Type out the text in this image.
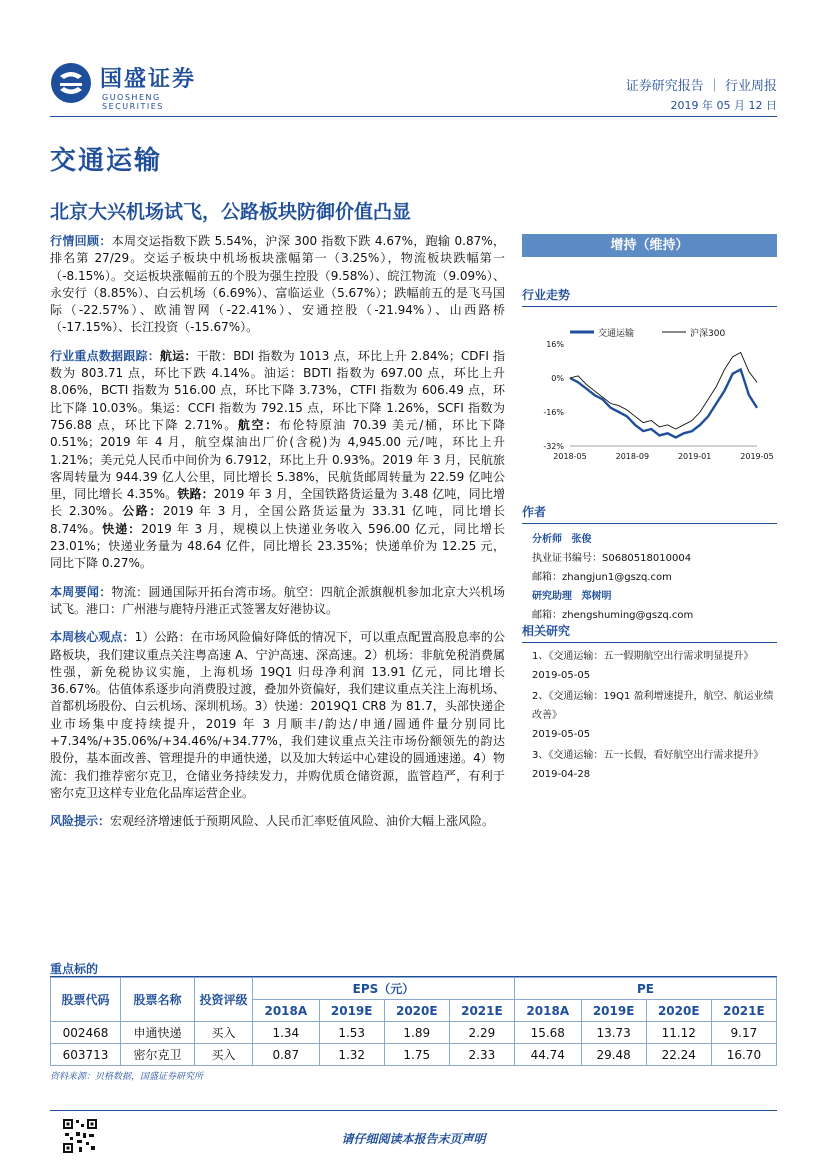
国盛证券
GUOSHENG SECURITIES
证券研究报告 ｜ 行业周报
2019 年 05 月 12 日
交通运输
北京大兴机场试飞，公路板块防御价值凸显

行情回顾：本周交运指数下跌 5.54%，沪深 300 指数下跌 4.67%，跑输 0.87%，排名第 27/29。交运子板块中机场板块涨幅第一（3.25%），物流板块跌幅第一（-8.15%）。交运板块涨幅前五的个股为强生控股（9.58%）、皖江物流（9.09%）、永安行（8.85%）、白云机场（6.69%）、富临运业（5.67%）；跌幅前五的是飞马国际（-22.57%）、欧浦智网（-22.41%）、安通控股（-21.94%）、山西路桥（-17.15%）、长江投资（-15.67%）。

行业重点数据跟踪：航运：干散：BDI 指数为 1013 点，环比上升 2.84%；CDFI 指数为 803.71 点，环比下跌 4.14%。油运：BDTI 指数为 697.00 点，环比上升 8.06%，BCTI 指数为 516.00 点，环比下降 3.73%，CTFI 指数为 606.49 点，环比下降 10.03%。集运：CCFI 指数为 792.15 点，环比下降 1.26%，SCFI 指数为 756.88 点，环比下降 2.71%。航空：布伦特原油 70.39 美元/桶，环比下降 0.51%；2019 年 4 月，航空煤油出厂价(含税)为 4,945.00 元/吨，环比上升 1.21%；美元兑人民币中间价为 6.7912，环比上升 0.93%。2019 年 3 月，民航旅客周转量为 944.39 亿人公里，同比增长 5.38%，民航货邮周转量为 22.59 亿吨公里，同比增长 4.35%。铁路：2019 年 3 月，全国铁路货运量为 3.48 亿吨，同比增长 2.30%。公路：2019 年 3 月，全国公路货运量为 33.31 亿吨，同比增长 8.74%。快递：2019 年 3 月，规模以上快递业务收入 596.00 亿元，同比增长 23.01%；快递业务量为 48.64 亿件，同比增长 23.35%；快递单价为 12.25 元，同比下降 0.27%。

本周要闻：物流：圆通国际开拓台湾市场。航空：四航企派旗舰机参加北京大兴机场试飞。港口：广州港与鹿特丹港正式签署友好港协议。

本周核心观点：1）公路：在市场风险偏好降低的情况下，可以重点配置高股息率的公路板块，我们建议重点关注粤高速 A、宁沪高速、深高速。2）机场：非航免税消费属性强，新免税协议实施，上海机场 19Q1 归母净利润 13.91 亿元，同比增长 36.67%。估值体系逐步向消费股过渡，叠加外资偏好，我们建议重点关注上海机场、首都机场股份、白云机场、深圳机场。3）快递：2019Q1 CR8 为 81.7，头部快递企业市场集中度持续提升，2019 年 3 月顺丰/韵达/申通/圆通件量分别同比+7.34%/+35.06%/+34.46%/+34.77%，我们建议重点关注市场份额领先的韵达股份，基本面改善、管理提升的申通快递，以及加大转运中心建设的圆通速递。4）物流：我们推荐密尔克卫，仓储业务持续发力，并购优质仓储资源，监管趋严，有利于密尔克卫这样专业危化品库运营企业。

风险提示：宏观经济增速低于预期风险、人民币汇率贬值风险、油价大幅上涨风险。

增持（维持）
行业走势
交通运输	沪深300
16%
0%
-16%
-32%
2018-05	2018-09	2019-01	2019-05
作者
分析师 张俊
执业证书编号：S0680518010004
邮箱：zhangjun1@gszq.com
研究助理 郑树明
邮箱：zhengshuming@gszq.com
相关研究
1、《交通运输：五一假期航空出行需求明显提升》
2019-05-05
2、《交通运输：19Q1 盈利增速提升，航空、航运业绩改善》
2019-05-05
3、《交通运输：五一长假，看好航空出行需求提升》
2019-04-28
重点标的
股票代码	股票名称	投资评级	EPS（元）				PE			
			2018A	2019E	2020E	2021E	2018A	2019E	2020E	2021E
002468	申通快递	买入	1.34	1.53	1.89	2.29	15.68	13.73	11.12	9.17
603713	密尔克卫	买入	0.87	1.32	1.75	2.33	44.74	29.48	22.24	16.70
资料来源：贝格数据，国盛证券研究所
请仔细阅读本报告末页声明
